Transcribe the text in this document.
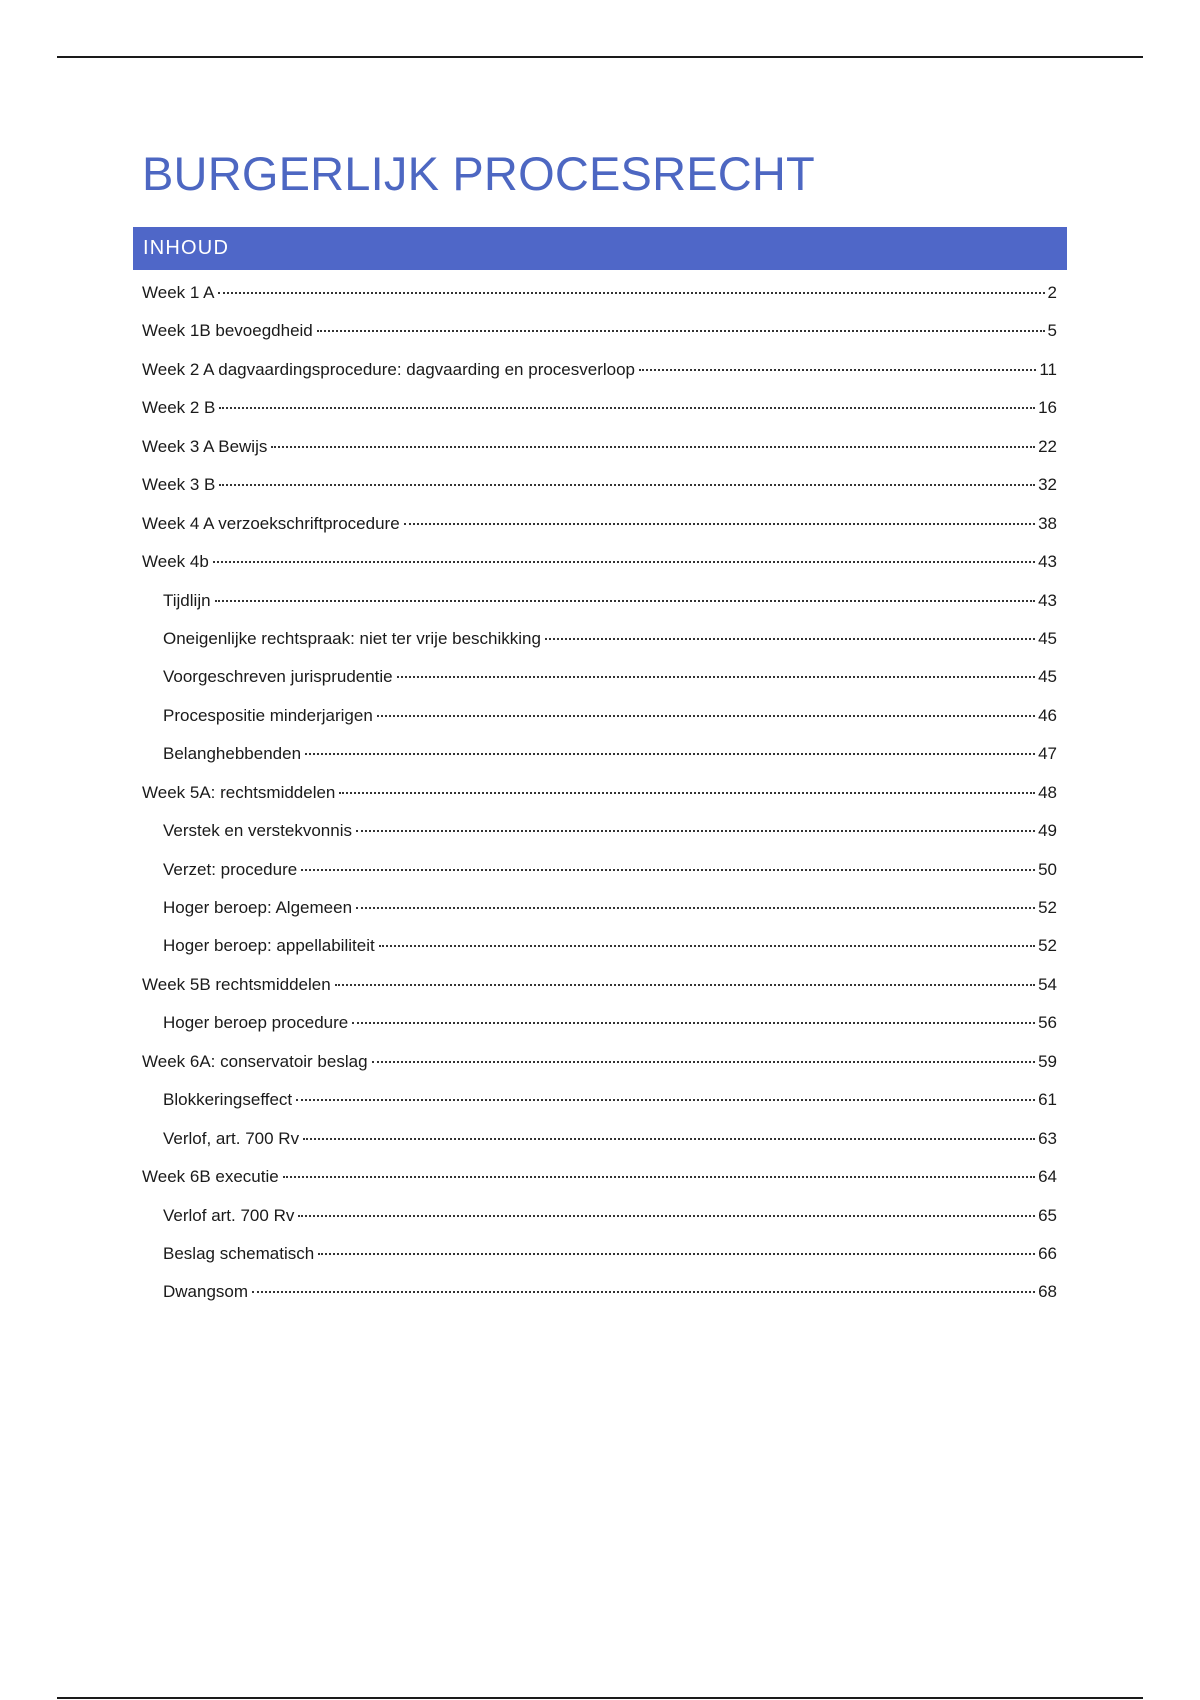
BURGERLIJK PROCESRECHT
INHOUD
Week 1 A	2
Week 1B bevoegdheid	5
Week 2 A dagvaardingsprocedure: dagvaarding en procesverloop	11
Week 2 B	16
Week 3 A Bewijs	22
Week 3 B	32
Week 4 A verzoekschriftprocedure	38
Week 4b	43
Tijdlijn	43
Oneigenlijke rechtspraak: niet ter vrije beschikking	45
Voorgeschreven jurisprudentie	45
Procespositie minderjarigen	46
Belanghebbenden	47
Week 5A: rechtsmiddelen	48
Verstek en verstekvonnis	49
Verzet: procedure	50
Hoger beroep: Algemeen	52
Hoger beroep: appellabiliteit	52
Week 5B rechtsmiddelen	54
Hoger beroep procedure	56
Week 6A: conservatoir beslag	59
Blokkeringseffect	61
Verlof, art. 700 Rv	63
Week 6B executie	64
Verlof art. 700 Rv	65
Beslag schematisch	66
Dwangsom	68
